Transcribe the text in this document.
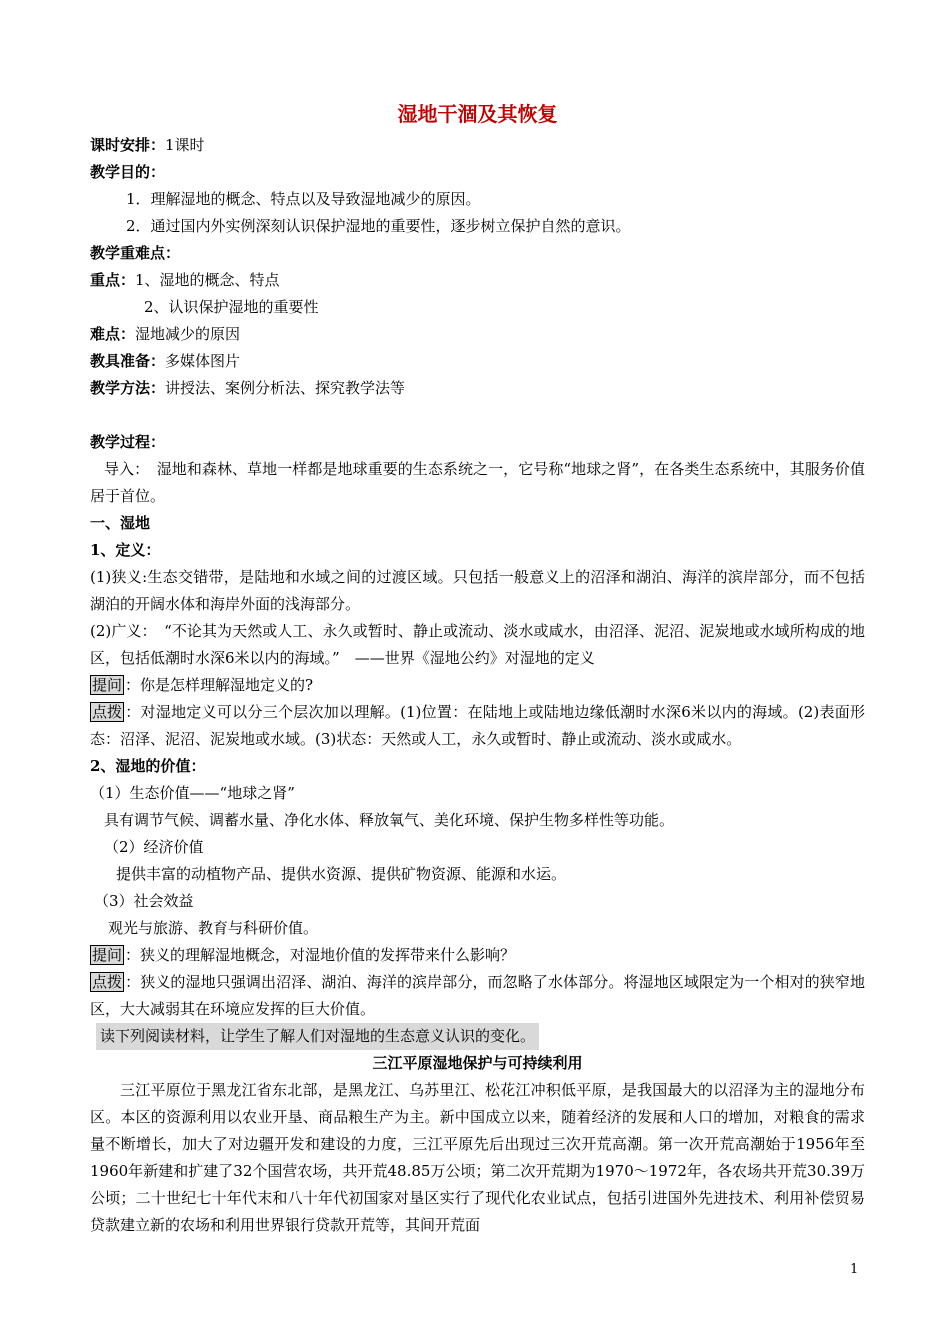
湿地干涸及其恢复
课时安排：1课时
教学目的：
1．理解湿地的概念、特点以及导致湿地减少的原因。
2．通过国内外实例深刻认识保护湿地的重要性，逐步树立保护自然的意识。
教学重难点：
重点：1、湿地的概念、特点
2、认识保护湿地的重要性
难点：湿地减少的原因
教具准备：多媒体图片
教学方法：讲授法、案例分析法、探究教学法等
教学过程：
导入：　湿地和森林、草地一样都是地球重要的生态系统之一，它号称“地球之肾”，在各类生态系统中，其服务价值居于首位。
一、湿地
1、定义：
(1)狭义:生态交错带，是陆地和水域之间的过渡区域。只包括一般意义上的沼泽和湖泊、海洋的滨岸部分，而不包括湖泊的开阔水体和海岸外面的浅海部分。
(2)广义：　“不论其为天然或人工、永久或暂时、静止或流动、淡水或咸水，由沼泽、泥沼、泥炭地或水域所构成的地区，包括低潮时水深6米以内的海域。”　——世界《湿地公约》对湿地的定义
提问 ：你是怎样理解湿地定义的?
点拨 ：对湿地定义可以分三个层次加以理解。(1)位置：在陆地上或陆地边缘低潮时水深6米以内的海域。(2)表面形态：沼泽、泥沼、泥炭地或水域。(3)状态：天然或人工，永久或暂时、静止或流动、淡水或咸水。
2、湿地的价值：
（1）生态价值——“地球之肾”
具有调节气候、调蓄水量、净化水体、释放氧气、美化环境、保护生物多样性等功能。
（2）经济价值
提供丰富的动植物产品、提供水资源、提供矿物资源、能源和水运。
（3）社会效益
观光与旅游、教育与科研价值。
提问 ：狭义的理解湿地概念，对湿地价值的发挥带来什么影响？
点拨 ：狭义的湿地只强调出沼泽、湖泊、海洋的滨岸部分，而忽略了水体部分。将湿地区域限定为一个相对的狭窄地区，大大减弱其在环境应发挥的巨大价值。
读下列阅读材料，让学生了解人们对湿地的生态意义认识的变化。
三江平原湿地保护与可持续利用
三江平原位于黑龙江省东北部，是黑龙江、乌苏里江、松花江冲积低平原，是我国最大的以沼泽为主的湿地分布区。本区的资源利用以农业开垦、商品粮生产为主。新中国成立以来，随着经济的发展和人口的增加，对粮食的需求量不断增长，加大了对边疆开发和建设的力度，三江平原先后出现过三次开荒高潮。第一次开荒高潮始于1956年至1960年新建和扩建了32个国营农场，共开荒48.85万公顷；第二次开荒期为1970～1972年，各农场共开荒30.39万公顷；二十世纪七十年代末和八十年代初国家对垦区实行了现代化农业试点，包括引进国外先进技术、利用补偿贸易贷款建立新的农场和利用世界银行贷款开荒等，其间开荒面
1
